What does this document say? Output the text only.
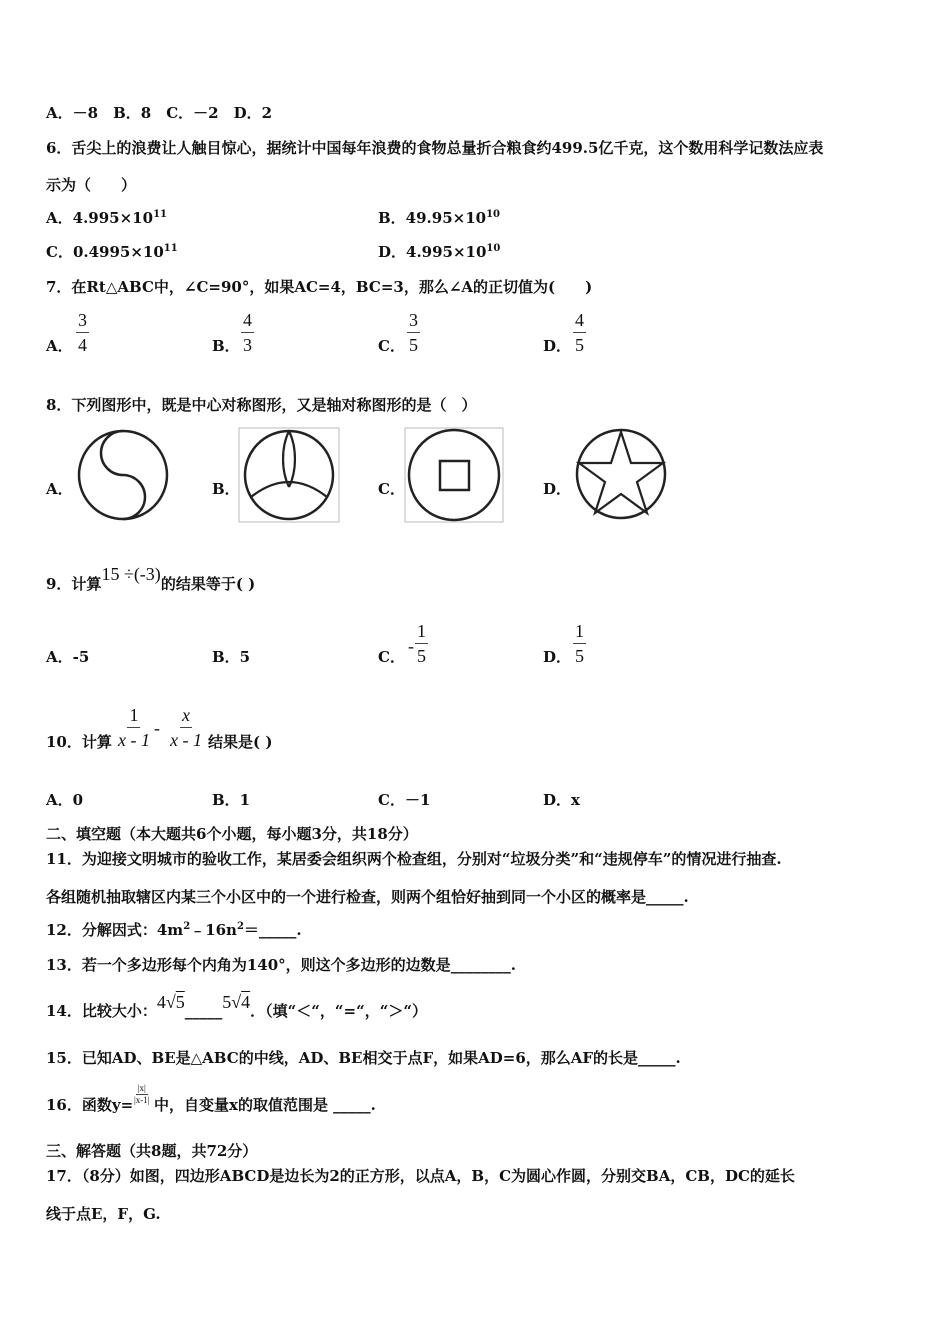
A．－8　B．8　C．－2　D．2
6．舌尖上的浪费让人触目惊心，据统计中国每年浪费的食物总量折合粮食约499.5亿千克，这个数用科学记数法应表
示为（　　）
A．$4.995\times 10^{11}$	B．$49.95\times 10^{10}$
C．$0.4995\times 10^{11}$	D．$4.995\times 10^{10}$
7．在Rt△ABC中，∠C=90°，如果AC=4，BC=3，那么∠A的正切值为(　　)
A． $\frac{3}{4}$	B． $\frac{4}{3}$	C． $\frac{3}{5}$	D． $\frac{4}{5}$
8．下列图形中，既是中心对称图形，又是轴对称图形的是（　）
A．	B．	C．	D．
9．计算15 ÷(-3)的结果等于( )
A．-5	B．5	C．
- $\frac{1}{5}$	D． $\frac{1}{5}$
10．计算 $\frac{1}{x - 1} - \frac{x}{x - 1}$ 结果是( )
A．0	B．1	C．－1	D．x
二、填空题（本大题共6个小题，每小题3分，共18分）
11．为迎接文明城市的验收工作，某居委会组织两个检查组，分别对“垃圾分类”和“违规停车”的情况进行抽查.
各组随机抽取辖区内某三个小区中的一个进行检查，则两个组恰好抽到同一个小区的概率是_____.
12．分解因式：$4m^2﹣16n^2=\_\_\_\_\_$.
13．若一个多边形每个内角为140°，则这个多边形的边数是________.
14．比较大小：4√5_____5√4．（填“＜“，“=“，“＞“）
15．已知AD、BE是△ABC的中线，AD、BE相交于点F，如果AD=6，那么AF的长是_____.
16．函数y=
$\frac{|x|}{|x-1|}$ 中，自变量x的取值范围是 _____.
三、解答题（共8题，共72分）
17．（8分）如图，四边形ABCD是边长为2的正方形，以点A，B，C为圆心作圆，分别交BA，CB，DC的延长
线于点E，F，G.
